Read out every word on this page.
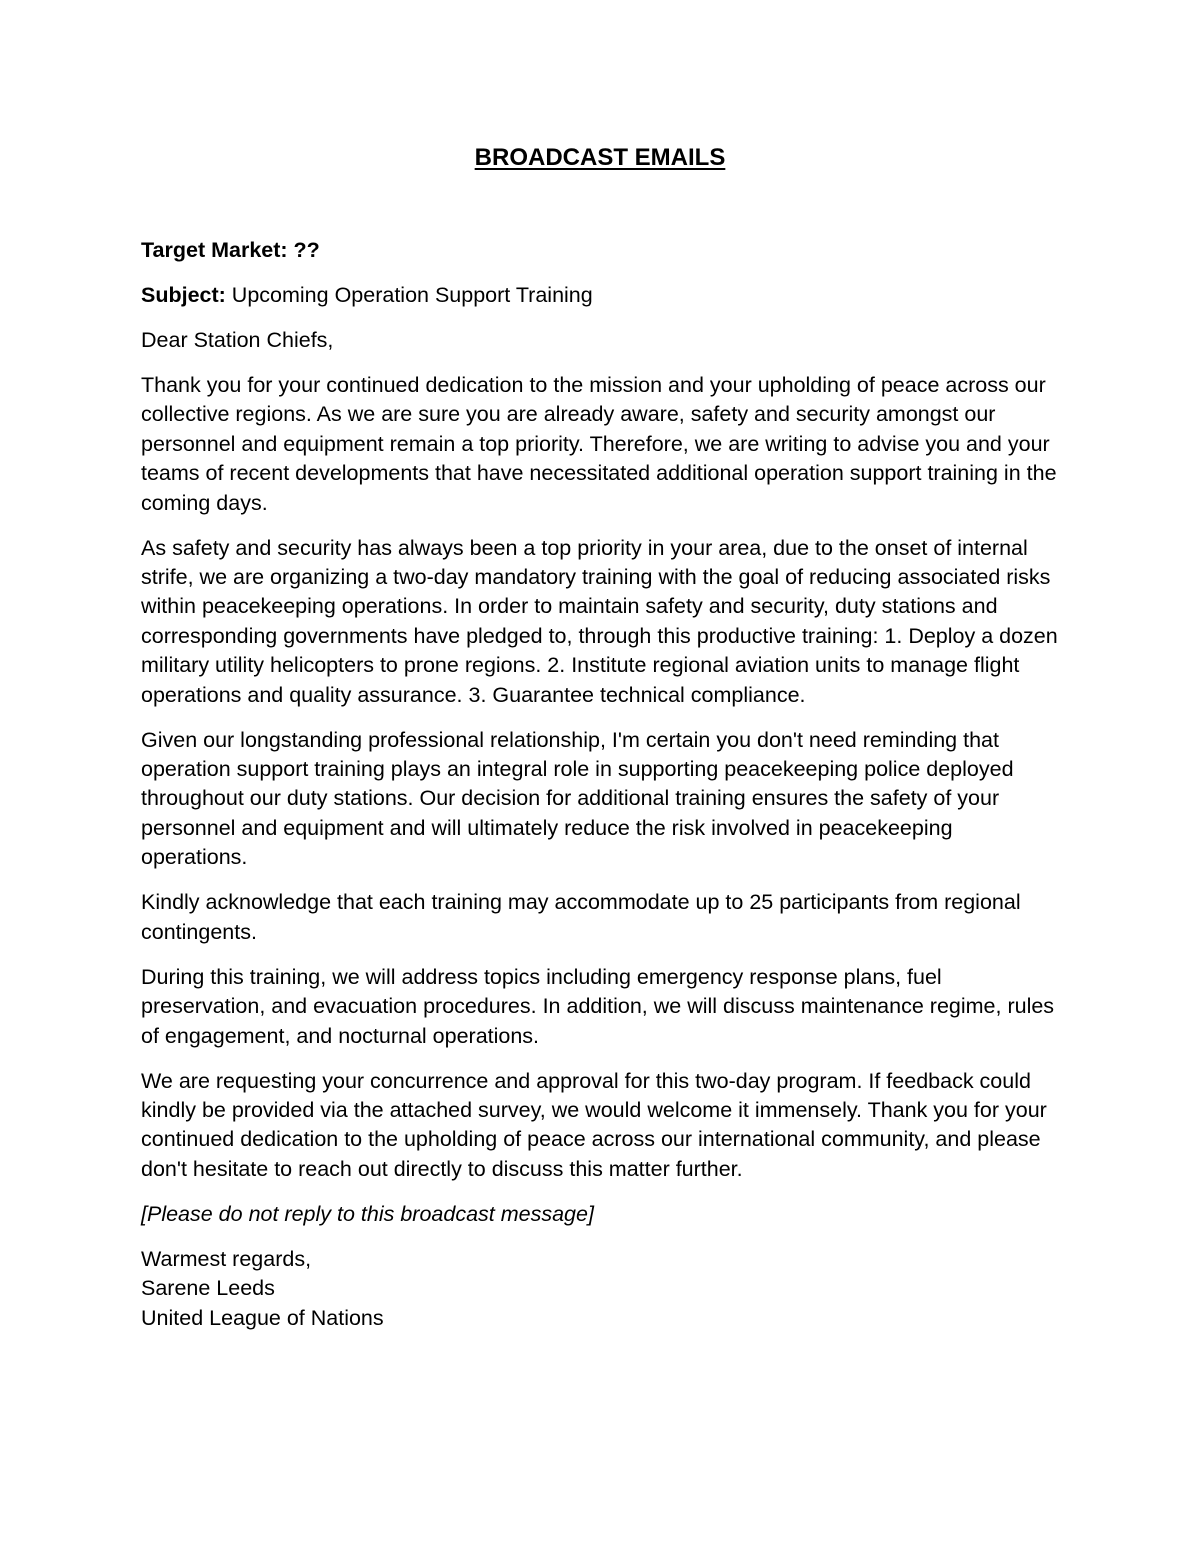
BROADCAST EMAILS

Target Market: ??

Subject: Upcoming Operation Support Training

Dear Station Chiefs,

Thank you for your continued dedication to the mission and your upholding of peace across our collective regions. As we are sure you are already aware, safety and security amongst our personnel and equipment remain a top priority. Therefore, we are writing to advise you and your teams of recent developments that have necessitated additional operation support training in the coming days.

As safety and security has always been a top priority in your area, due to the onset of internal strife, we are organizing a two-day mandatory training with the goal of reducing associated risks within peacekeeping operations. In order to maintain safety and security, duty stations and corresponding governments have pledged to, through this productive training: 1. Deploy a dozen military utility helicopters to prone regions. 2. Institute regional aviation units to manage flight operations and quality assurance. 3. Guarantee technical compliance.

Given our longstanding professional relationship, I'm certain you don't need reminding that operation support training plays an integral role in supporting peacekeeping police deployed throughout our duty stations. Our decision for additional training ensures the safety of your personnel and equipment and will ultimately reduce the risk involved in peacekeeping operations.

Kindly acknowledge that each training may accommodate up to 25 participants from regional contingents.

During this training, we will address topics including emergency response plans, fuel preservation, and evacuation procedures. In addition, we will discuss maintenance regime, rules of engagement, and nocturnal operations.

We are requesting your concurrence and approval for this two-day program. If feedback could kindly be provided via the attached survey, we would welcome it immensely. Thank you for your continued dedication to the upholding of peace across our international community, and please don't hesitate to reach out directly to discuss this matter further.

[Please do not reply to this broadcast message]

Warmest regards,
Sarene Leeds
United League of Nations
